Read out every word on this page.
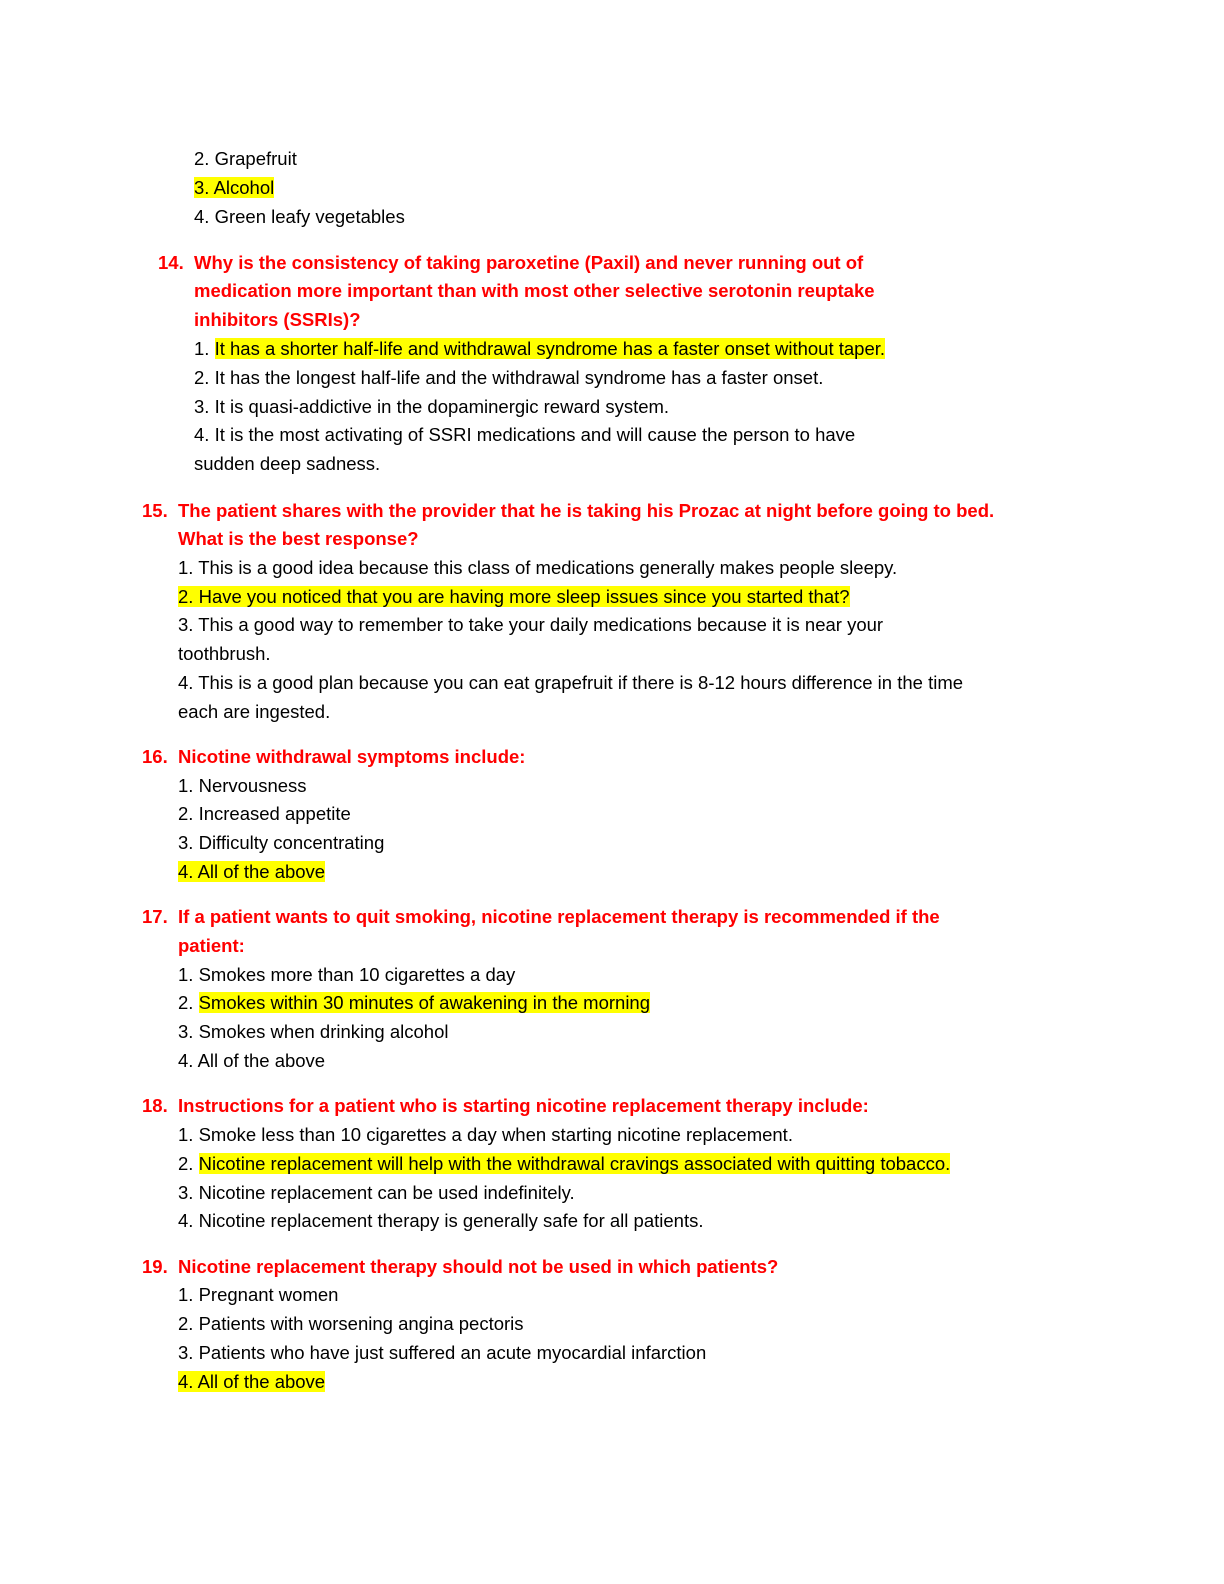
2. Grapefruit
3. Alcohol
4. Green leafy vegetables
14. Why is the consistency of taking paroxetine (Paxil) and never running out of
medication more important than with most other selective serotonin reuptake
inhibitors (SSRIs)?
1. It has a shorter half-life and withdrawal syndrome has a faster onset without taper.
2. It has the longest half-life and the withdrawal syndrome has a faster onset.
3. It is quasi-addictive in the dopaminergic reward system.
4. It is the most activating of SSRI medications and will cause the person to have
sudden deep sadness.
15. The patient shares with the provider that he is taking his Prozac at night before going to bed.
What is the best response?
1. This is a good idea because this class of medications generally makes people sleepy.
2. Have you noticed that you are having more sleep issues since you started that?
3. This a good way to remember to take your daily medications because it is near your
toothbrush.
4. This is a good plan because you can eat grapefruit if there is 8-12 hours difference in the time
each are ingested.
16. Nicotine withdrawal symptoms include:
1. Nervousness
2. Increased appetite
3. Difficulty concentrating
4. All of the above
17. If a patient wants to quit smoking, nicotine replacement therapy is recommended if the
patient:
1. Smokes more than 10 cigarettes a day
2. Smokes within 30 minutes of awakening in the morning
3. Smokes when drinking alcohol
4. All of the above
18. Instructions for a patient who is starting nicotine replacement therapy include:
1. Smoke less than 10 cigarettes a day when starting nicotine replacement.
2. Nicotine replacement will help with the withdrawal cravings associated with quitting tobacco.
3. Nicotine replacement can be used indefinitely.
4. Nicotine replacement therapy is generally safe for all patients.
19. Nicotine replacement therapy should not be used in which patients?
1. Pregnant women
2. Patients with worsening angina pectoris
3. Patients who have just suffered an acute myocardial infarction
4. All of the above
